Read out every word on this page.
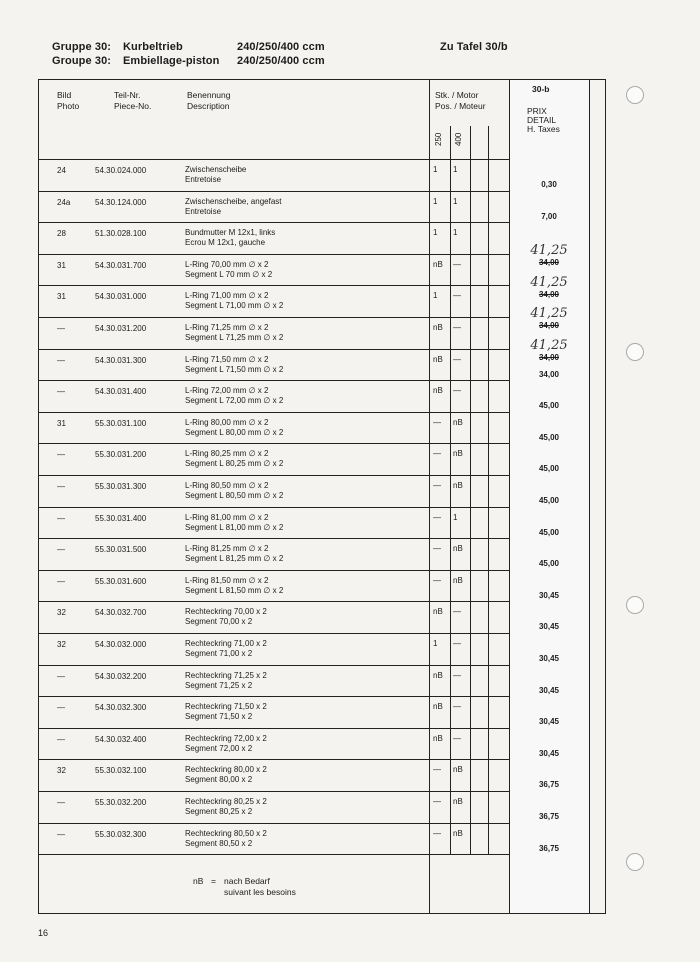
Gruppe 30: Kurbeltrieb	240/250/400 ccm	Zu Tafel 30/b
Groupe 30: Embiellage-piston 240/250/400 ccm
Bild
Photo
Teil-Nr.
Piece-No.
Benennung
Description
Stk. / Motor
Pos. / Moteur
250 400
30-b
PRIX
DETAIL
H. Taxes
24	54.30.024.000	Zwischenscheibe
Entretoise
1 1
0,30
24a	54.30.124.000	Zwischenscheibe, angefast
Entretoise
1 1
7,00
28	51.30.028.100	Bundmutter M 12x1, links
Ecrou M 12x1, gauche
1 1
41,25
34,00
31	54.30.031.700	L-Ring 70,00 mm ∅ x 2
Segment L 70 mm ∅ x 2
nB —
41,25
34,00
31	54.30.031.000	L-Ring 71,00 mm ∅ x 2
Segment L 71,00 mm ∅ x 2
1 —
41,25
34,00
—	54.30.031.200	L-Ring 71,25 mm ∅ x 2
Segment L 71,25 mm ∅ x 2
nB —
41,25
34,00
—	54.30.031.300	L-Ring 71,50 mm ∅ x 2
Segment L 71,50 mm ∅ x 2
nB —
34,00
—	54.30.031.400	L-Ring 72,00 mm ∅ x 2
Segment L 72,00 mm ∅ x 2
nB —
45,00
31	55.30.031.100	L-Ring 80,00 mm ∅ x 2
Segment L 80,00 mm ∅ x 2
— nB
45,00
—	55.30.031.200	L-Ring 80,25 mm ∅ x 2
Segment L 80,25 mm ∅ x 2
— nB
45,00
—	55.30.031.300	L-Ring 80,50 mm ∅ x 2
Segment L 80,50 mm ∅ x 2
— nB
45,00
—	55.30.031.400	L-Ring 81,00 mm ∅ x 2
Segment L 81,00 mm ∅ x 2
— 1
45,00
—	55.30.031.500	L-Ring 81,25 mm ∅ x 2
Segment L 81,25 mm ∅ x 2
— nB
45,00
—	55.30.031.600	L-Ring 81,50 mm ∅ x 2
Segment L 81,50 mm ∅ x 2
— nB
30,45
32	54.30.032.700	Rechteckring 70,00 x 2
Segment 70,00 x 2
nB —
30,45
32	54.30.032.000	Rechteckring 71,00 x 2
Segment 71,00 x 2
1 —
30,45
—	54.30.032.200	Rechteckring 71,25 x 2
Segment 71,25 x 2
nB —
30,45
—	54.30.032.300	Rechteckring 71,50 x 2
Segment 71,50 x 2
nB —
30,45
—	54.30.032.400	Rechteckring 72,00 x 2
Segment 72,00 x 2
nB —
30,45
32	55.30.032.100	Rechteckring 80,00 x 2
Segment 80,00 x 2
— nB
36,75
—	55.30.032.200	Rechteckring 80,25 x 2
Segment 80,25 x 2
— nB
36,75
—	55.30.032.300	Rechteckring 80,50 x 2
Segment 80,50 x 2
— nB
36,75
nB = nach Bedarf
suivant les besoins
16
